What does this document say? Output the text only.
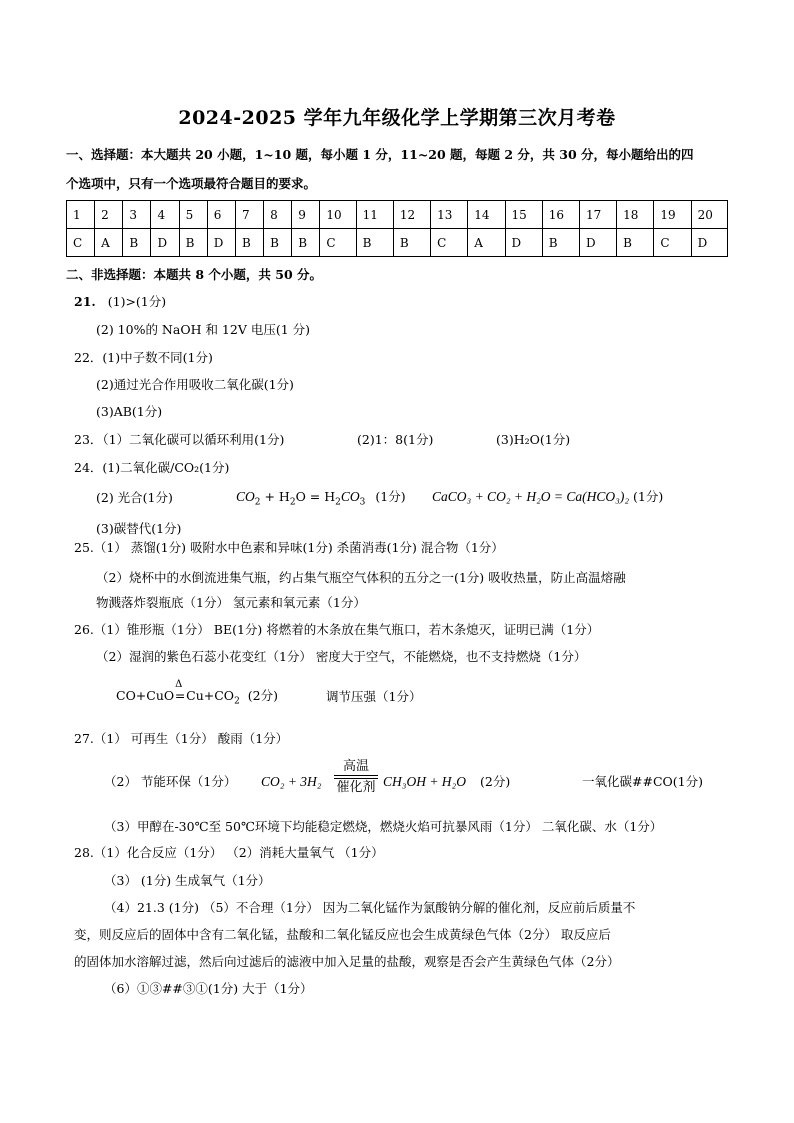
2024-2025 学年九年级化学上学期第三次月考卷
一、选择题：本大题共 20 小题，1~10 题，每小题 1 分，11~20 题，每题 2 分，共 30 分，每小题给出的四
个选项中，只有一个选项最符合题目的要求。
1	2	3	4	5	6	7	8	9	10	11	12	13	14	15	16	17	18	19	20
C	A	B	D	B	D	B	B	B	C	B	B	C	A	D	B	D	B	C	D
二、非选择题：本题共 8 个小题，共 50 分。
21. (1)>(1分)
(2) 10%的 NaOH 和 12V 电压(1 分)
22．(1)中子数不同(1分)
(2)通过光合作用吸收二氧化碳(1分)
(3)AB(1分)
23．（1）二氧化碳可以循环利用(1分)	(2)1：8(1分)	(3)H₂O(1分)
24．(1)二氧化碳/CO₂(1分)
(2) 光合(1分)	$CO_2 + H_2O = H_2CO_3$ (1分) CaCO₃ + CO₂ + H₂O = Ca(HCO₃)₂ (1分)
(3)碳替代(1分)
25.（1） 蒸馏(1分) 吸附水中色素和异味(1分) 杀菌消毒(1分) 混合物（1分）
（2）烧杯中的水倒流进集气瓶，约占集气瓶空气体积的五分之一(1分) 吸收热量，防止高温熔融
物溅落炸裂瓶底（1分） 氢元素和氧元素（1分）
26.（1）锥形瓶（1分） BE(1分) 将燃着的木条放在集气瓶口，若木条熄灭，证明已满（1分）
（2）湿润的紫色石蕊小花变红（1分） 密度大于空气，不能燃烧，也不支持燃烧（1分）
CO+CuO
Δ
$=Cu+CO_2$ (2分)	调节压强（1分）
27.（1） 可再生（1分） 酸雨（1分）
（2） 节能环保（1分） $CO_2 + 3H_2 \frac{\text{高温}}{\text{催化剂}} CH_3OH + H_2O$ (2分)	一氧化碳##CO(1分)
（3）甲醇在-30℃至 50℃环境下均能稳定燃烧，燃烧火焰可抗暴风雨（1分） 二氧化碳、水（1分）
28.（1）化合反应（1分） （2）消耗大量氧气 （1分）
（3） (1分) 生成氧气（1分）
（4）21.3 (1分) （5）不合理（1分） 因为二氧化锰作为氯酸钠分解的催化剂，反应前后质量不
变，则反应后的固体中含有二氧化锰，盐酸和二氧化锰反应也会生成黄绿色气体（2分） 取反应后
的固体加水溶解过滤，然后向过滤后的滤液中加入足量的盐酸，观察是否会产生黄绿色气体（2分）
（6）①③##③①(1分) 大于（1分）
